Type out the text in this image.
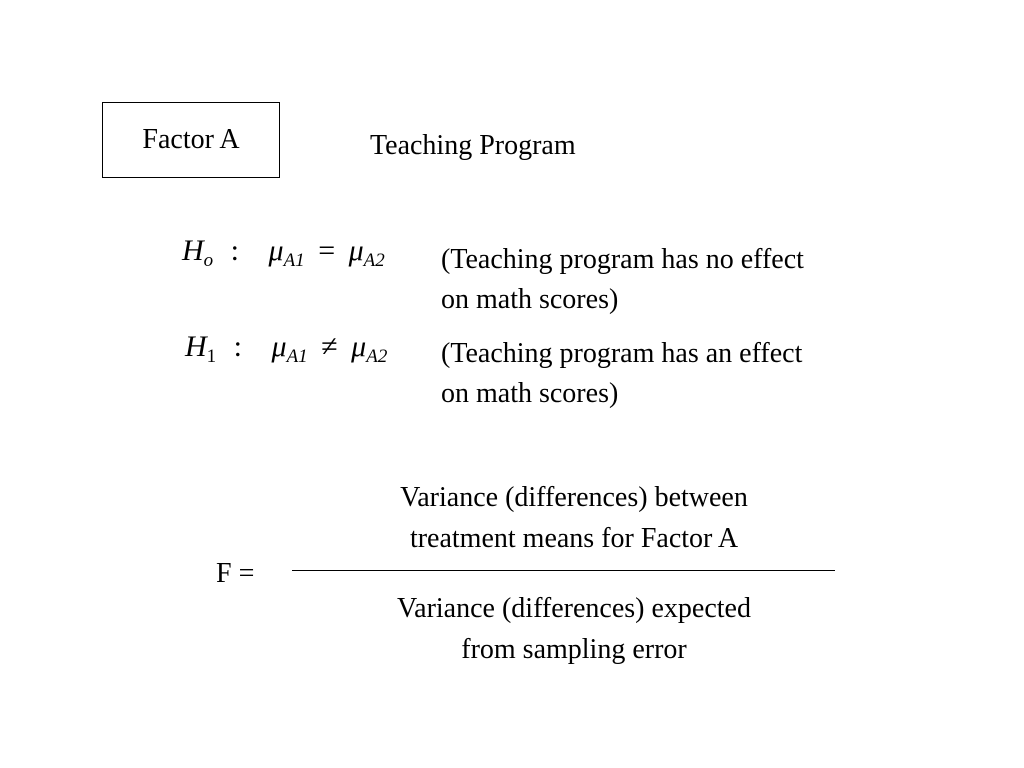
Factor A	Teaching Program
$H_o$ : $\mu_{A1} = \mu_{A2}$ (Teaching program has no effect
on math scores)
$H_1$ : $\mu_{A1} \ne \mu_{A2}$ (Teaching program has an effect
on math scores)
Variance (differences) between
treatment means for Factor A
F =
Variance (differences) expected
from sampling error
